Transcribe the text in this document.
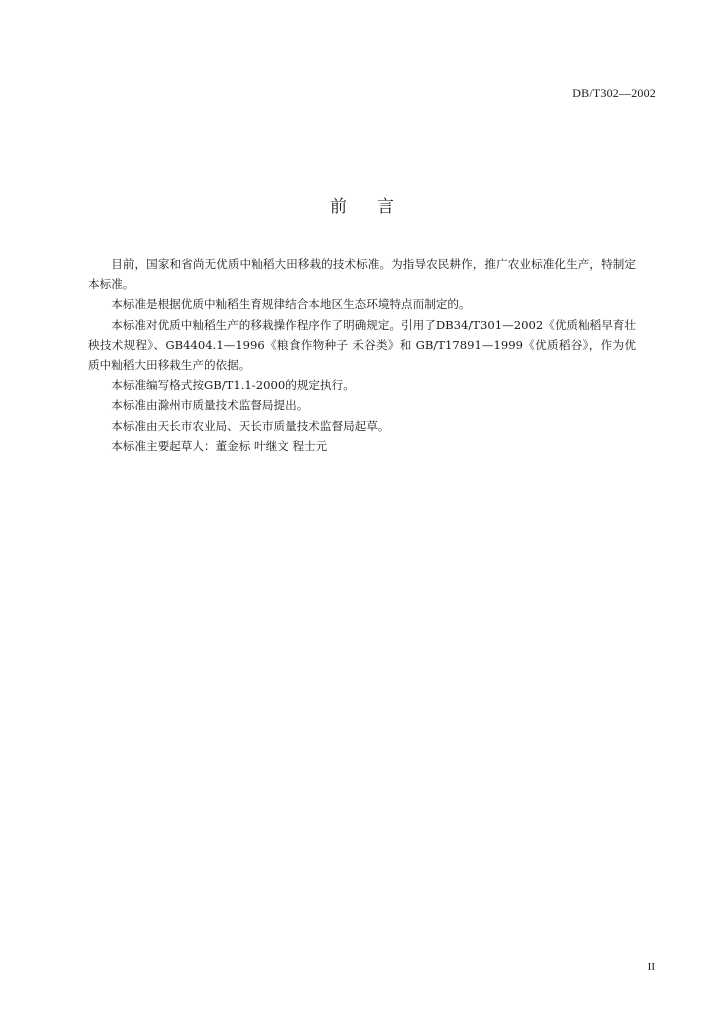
DB/T302—2002
前言

目前，国家和省尚无优质中籼稻大田移栽的技术标准。为指导农民耕作，推广农业标准化生产，特制定本标准。

本标准是根据优质中籼稻生育规律结合本地区生态环境特点而制定的。

本标准对优质中籼稻生产的移栽操作程序作了明确规定。引用了DB34/T301—2002《优质籼稻早育壮秧技术规程》、GB4404.1—1996《粮食作物种子 禾谷类》和 GB/T17891—1999《优质稻谷》，作为优质中籼稻大田移栽生产的依据。

本标准编写格式按GB/T1.1-2000的规定执行。

本标准由滁州市质量技术监督局提出。

本标准由天长市农业局、天长市质量技术监督局起草。

本标准主要起草人：董金标 叶继文 程士元

II
